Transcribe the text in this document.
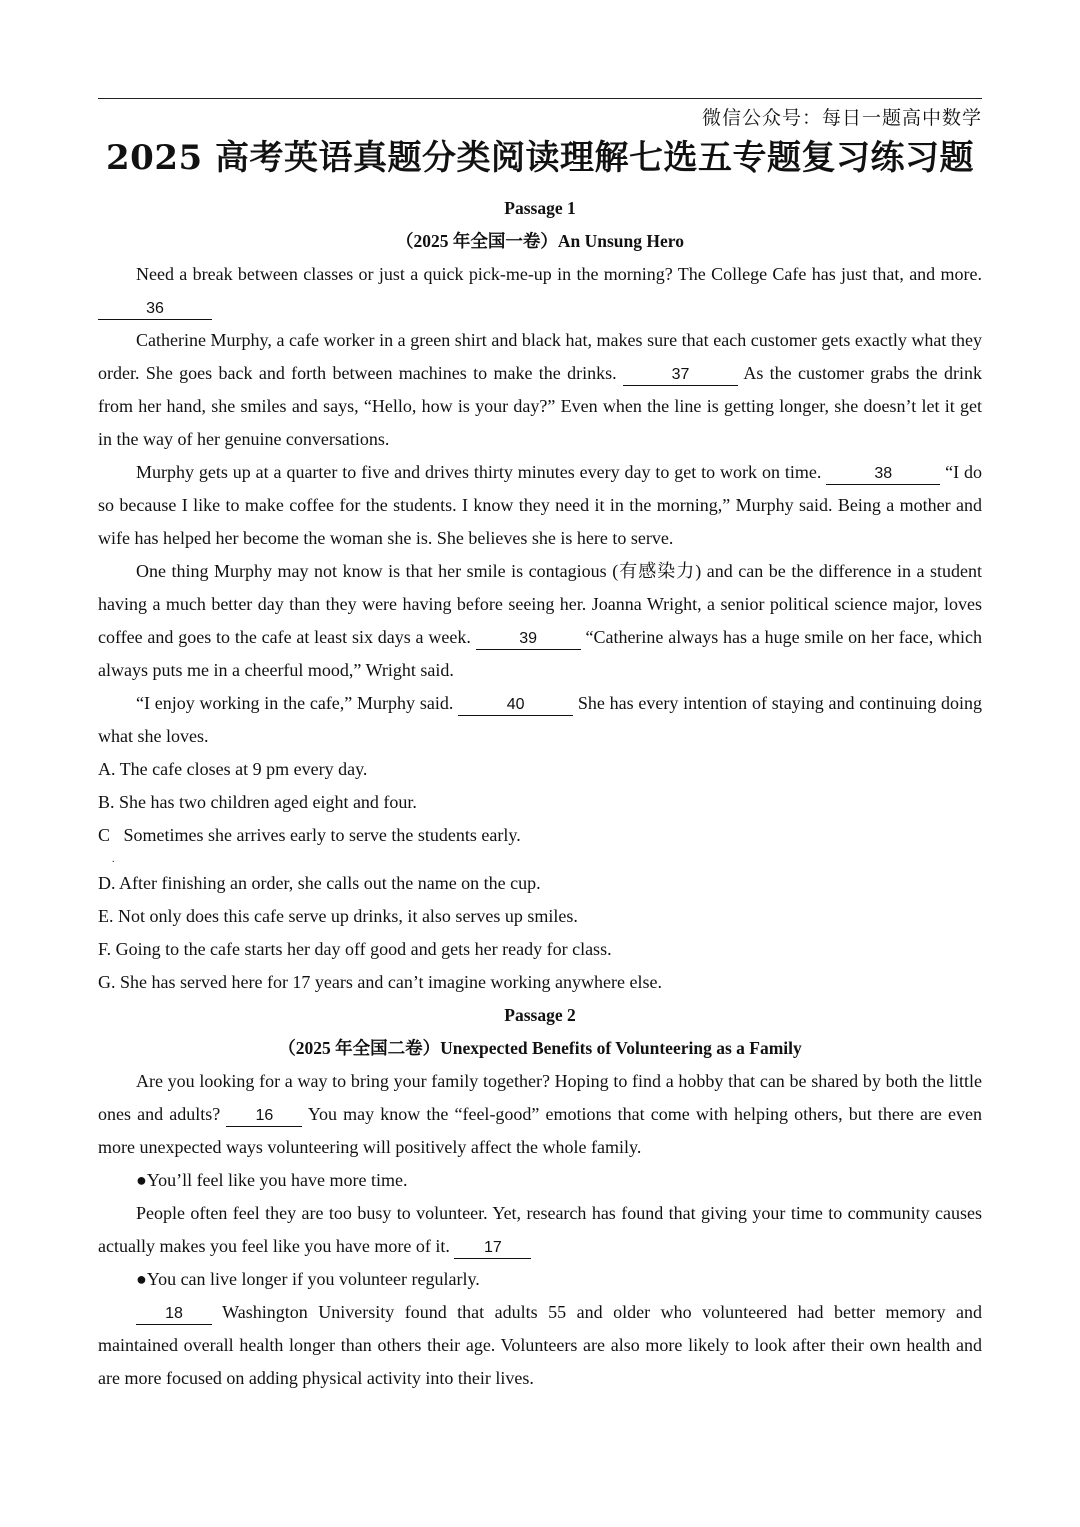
微信公众号：每日一题高中数学
2025 高考英语真题分类阅读理解七选五专题复习练习题
Passage 1
（2025 年全国一卷）An Unsung Hero

Need a break between classes or just a quick pick-me-up in the morning? The College Cafe has just that, and more. 36

Catherine Murphy, a cafe worker in a green shirt and black hat, makes sure that each customer gets exactly what they order. She goes back and forth between machines to make the drinks.	37	As the customer grabs the drink from her hand, she smiles and says, “Hello, how is your day?” Even when the line is getting longer, she doesn’t let it get in the way of her genuine conversations.

Murphy gets up at a quarter to five and drives thirty minutes every day to get to work on time.	38	“I do so because I like to make coffee for the students. I know they need it in the morning,” Murphy said. Being a mother and wife has helped her become the woman she is. She believes she is here to serve.

One thing Murphy may not know is that her smile is contagious (有感染力) and can be the difference in a student having a much better day than they were having before seeing her. Joanna Wright, a senior political science major, loves coffee and goes to the cafe at least six days a week.	39	“Catherine always has a huge smile on her face, which always puts me in a cheerful mood,” Wright said.

“I enjoy working in the cafe,” Murphy said.	40	She has every intention of staying and continuing doing what she loves.

A. The cafe closes at 9 pm every day.
B. She has two children aged eight and four.
C   Sometimes she arrives early to serve the students early.
.
D. After finishing an order, she calls out the name on the cup.
E. Not only does this cafe serve up drinks, it also serves up smiles.
F. Going to the cafe starts her day off good and gets her ready for class.
G. She has served here for 17 years and can’t imagine working anywhere else.
Passage 2
（2025 年全国二卷）Unexpected Benefits of Volunteering as a Family

Are you looking for a way to bring your family together? Hoping to find a hobby that can be shared by both the little ones and adults? 16 You may know the “feel-good” emotions that come with helping others, but there are even more unexpected ways volunteering will positively affect the whole family.

●You’ll feel like you have more time.

People often feel they are too busy to volunteer. Yet, research has found that giving your time to community causes actually makes you feel like you have more of it. 17

●You can live longer if you volunteer regularly.

18 Washington University found that adults 55 and older who volunteered had better memory and maintained overall health longer than others their age. Volunteers are also more likely to look after their own health and are more focused on adding physical activity into their lives.
